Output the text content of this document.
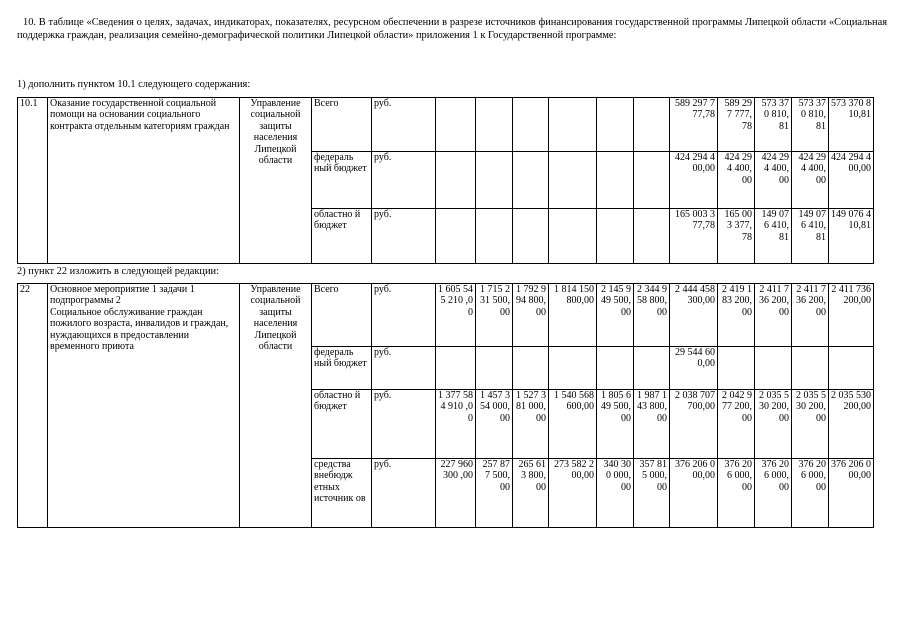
10. В таблице «Сведения о целях, задачах, индикаторах, показателях, ресурсном обеспечении в разрезе источников финансирования государственной программы Липецкой области «Социальная поддержка граждан, реализация семейно-демографической политики Липецкой области» приложения 1 к Государственной программе:
1) дополнить пунктом 10.1 следующего содержания:
10.1	Оказание государственной социальной помощи на основании социального контракта отдельным категориям граждан	Управление социальной защиты населения Липецкой области	Всего	руб.							589 297 777,78	589 297 777, 78	573 370 810, 81	573 370 810, 81	573 370 810,81
			федераль ный бюджет	руб.							424 294 400,00	424 294 400, 00	424 294 400, 00	424 294 400, 00	424 294 400,00
			областно й бюджет	руб.							165 003 377,78	165 003 377, 78	149 076 410, 81	149 076 410, 81	149 076 410,81
2) пункт 22 изложить в следующей редакции:
22	Основное мероприятие 1 задачи 1 подпрограммы 2
Социальное обслуживание граждан пожилого возраста, инвалидов и граждан, нуждающихся в предоставлении временного приюта	Управление социальной защиты населения Липецкой области	Всего	руб.	1 605 545 210 ,00	1 715 231 500, 00	1 792 994 800, 00	1 814 150 800,00	2 145 949 500, 00	2 344 958 800, 00	2 444 458 300,00	2 419 183 200, 00	2 411 736 200, 00	2 411 736 200, 00	2 411 736 200,00
			федераль ный бюджет	руб.							29 544 600,00				
			областно й бюджет	руб.	1 377 584 910 ,00	1 457 354 000, 00	1 527 381 000, 00	1 540 568 600,00	1 805 649 500, 00	1 987 143 800, 00	2 038 707 700,00	2 042 977 200, 00	2 035 530 200, 00	2 035 530 200, 00	2 035 530 200,00
			средства внебюдж етных источник ов	руб.	227 960 300 ,00	257 877 500, 00	265 613 800, 00	273 582 200,00	340 300 000, 00	357 815 000, 00	376 206 000,00	376 206 000, 00	376 206 000, 00	376 206 000, 00	376 206 000,00
